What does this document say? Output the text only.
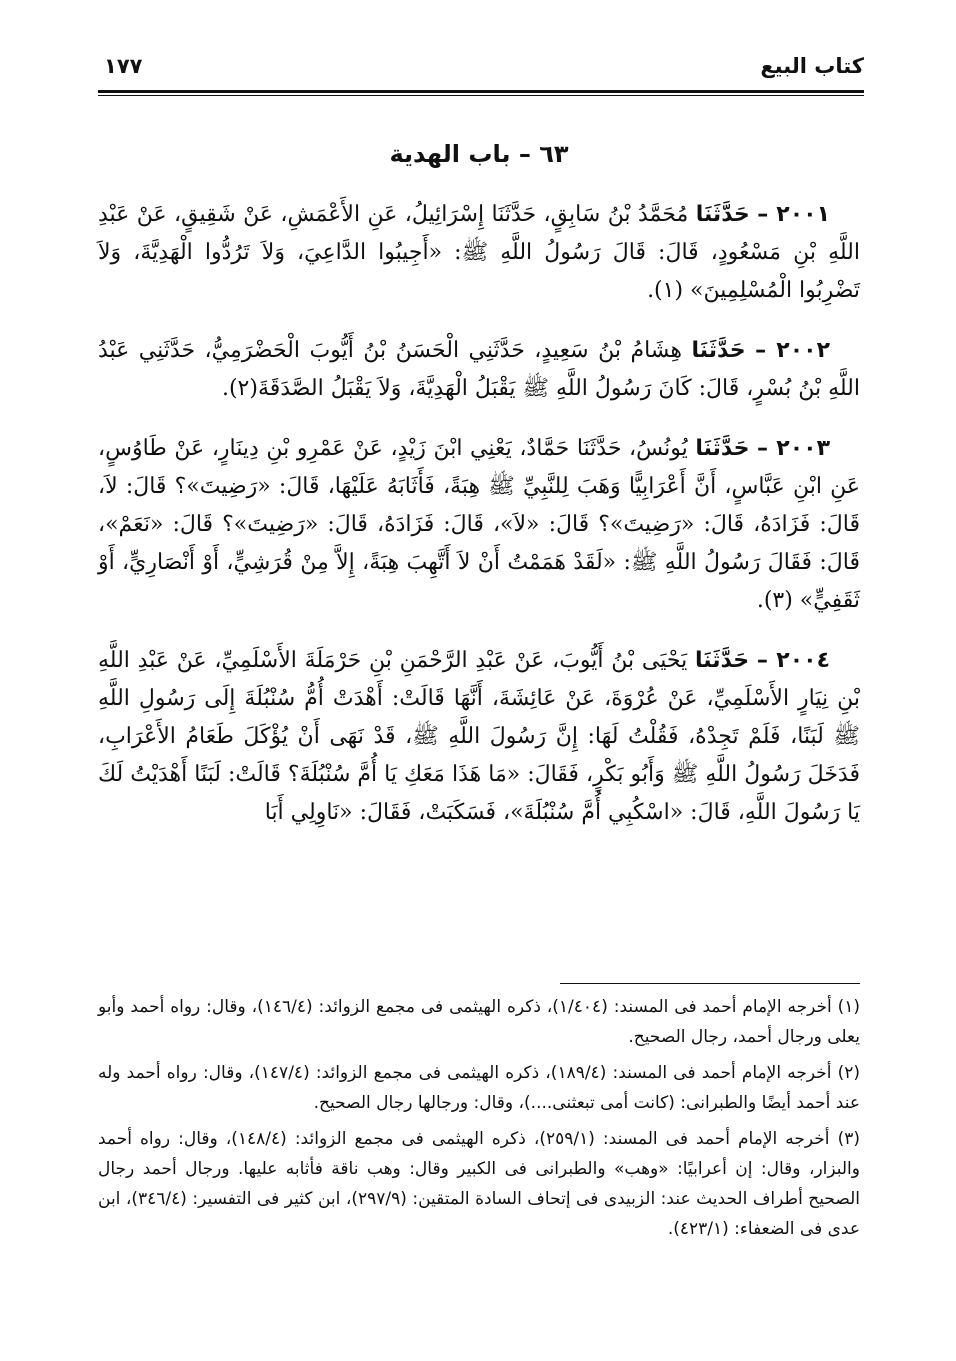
كتاب البيع
١٧٧
٦٣ – باب الهدية

٢٠٠١ – حَدَّثَنَا مُحَمَّدُ بْنُ سَابِقٍ، حَدَّثَنَا إِسْرَائِيلُ، عَنِ الأَعْمَشِ، عَنْ شَقِيقٍ، عَنْ عَبْدِ اللَّهِ بْنِ مَسْعُودٍ، قَالَ: قَالَ رَسُولُ اللَّهِ ﷺ: «أَجِيبُوا الدَّاعِيَ، وَلاَ تَرُدُّوا الْهَدِيَّةَ، وَلاَ تَضْرِبُوا الْمُسْلِمِينَ» (١).

٢٠٠٢ – حَدَّثَنَا هِشَامُ بْنُ سَعِيدٍ، حَدَّثَنِي الْحَسَنُ بْنُ أَيُّوبَ الْحَضْرَمِيُّ، حَدَّثَنِي عَبْدُ اللَّهِ بْنُ بُسْرٍ، قَالَ: كَانَ رَسُولُ اللَّهِ ﷺ يَقْبَلُ الْهَدِيَّةَ، وَلاَ يَقْبَلُ الصَّدَقَةَ(٢).

٢٠٠٣ – حَدَّثَنَا يُونُسُ، حَدَّثَنَا حَمَّادٌ، يَعْنِي ابْنَ زَيْدٍ، عَنْ عَمْرِو بْنِ دِينَارٍ، عَنْ طَاوُسٍ، عَنِ ابْنِ عَبَّاسٍ، أَنَّ أَعْرَابِيًّا وَهَبَ لِلنَّبِيِّ ﷺ هِبَةً، فَأَثَابَهُ عَلَيْهَا، قَالَ: «رَضِيتَ»؟ قَالَ: لاَ، قَالَ: فَزَادَهُ، قَالَ: «رَضِيتَ»؟ قَالَ: «لاَ»، قَالَ: فَزَادَهُ، قَالَ: «رَضِيتَ»؟ قَالَ: «نَعَمْ»، قَالَ: فَقَالَ رَسُولُ اللَّهِ ﷺ: «لَقَدْ هَمَمْتُ أَنْ لاَ أَتَّهِبَ هِبَةً، إِلاَّ مِنْ قُرَشِيٍّ، أَوْ أَنْصَارِيٍّ، أَوْ ثَقَفِيٍّ» (٣).

٢٠٠٤ – حَدَّثَنَا يَحْيَى بْنُ أَيُّوبَ، عَنْ عَبْدِ الرَّحْمَنِ بْنِ حَرْمَلَةَ الأَسْلَمِيِّ، عَنْ عَبْدِ اللَّهِ بْنِ نِيَارٍ الأَسْلَمِيِّ، عَنْ عُرْوَةَ، عَنْ عَائِشَةَ، أَنَّهَا قَالَتْ: أَهْدَتْ أُمُّ سُنْبُلَةَ إِلَى رَسُولِ اللَّهِ ﷺ لَبَنًا، فَلَمْ تَجِدْهُ، فَقُلْتُ لَهَا: إِنَّ رَسُولَ اللَّهِ ﷺ، قَدْ نَهَى أَنْ يُؤْكَلَ طَعَامُ الأَعْرَابِ، فَدَخَلَ رَسُولُ اللَّهِ ﷺ وَأَبُو بَكْرٍ، فَقَالَ: «مَا هَذَا مَعَكِ يَا أُمَّ سُنْبُلَةَ؟ قَالَتْ: لَبَنًا أَهْدَيْتُ لَكَ يَا رَسُولَ اللَّهِ، قَالَ: «اسْكُبِي أُمَّ سُنْبُلَةَ»، فَسَكَبَتْ، فَقَالَ: «نَاوِلِي أَبَا

(١) أخرجه الإمام أحمد فى المسند: (١/٤٠٤)، ذكره الهيثمى فى مجمع الزوائد: (١٤٦/٤)، وقال: رواه أحمد وأبو يعلى ورجال أحمد، رجال الصحيح.

(٢) أخرجه الإمام أحمد فى المسند: (١٨٩/٤)، ذكره الهيثمى فى مجمع الزوائد: (١٤٧/٤)، وقال: رواه أحمد وله عند أحمد أيضًا والطبرانى: (كانت أمى تبعثنى....)، وقال: ورجالها رجال الصحيح.

(٣) أخرجه الإمام أحمد فى المسند: (٢٥٩/١)، ذكره الهيثمى فى مجمع الزوائد: (١٤٨/٤)، وقال: رواه أحمد والبزار، وقال: إن أعرابيًا: «وهب» والطبرانى فى الكبير وقال: وهب ناقة فأثابه عليها. ورجال أحمد رجال الصحيح أطراف الحديث عند: الزبيدى فى إتحاف السادة المتقين: (٢٩٧/٩)، ابن كثير فى التفسير: (٣٤٦/٤)، ابن عدى فى الضعفاء: (٤٢٣/١).
